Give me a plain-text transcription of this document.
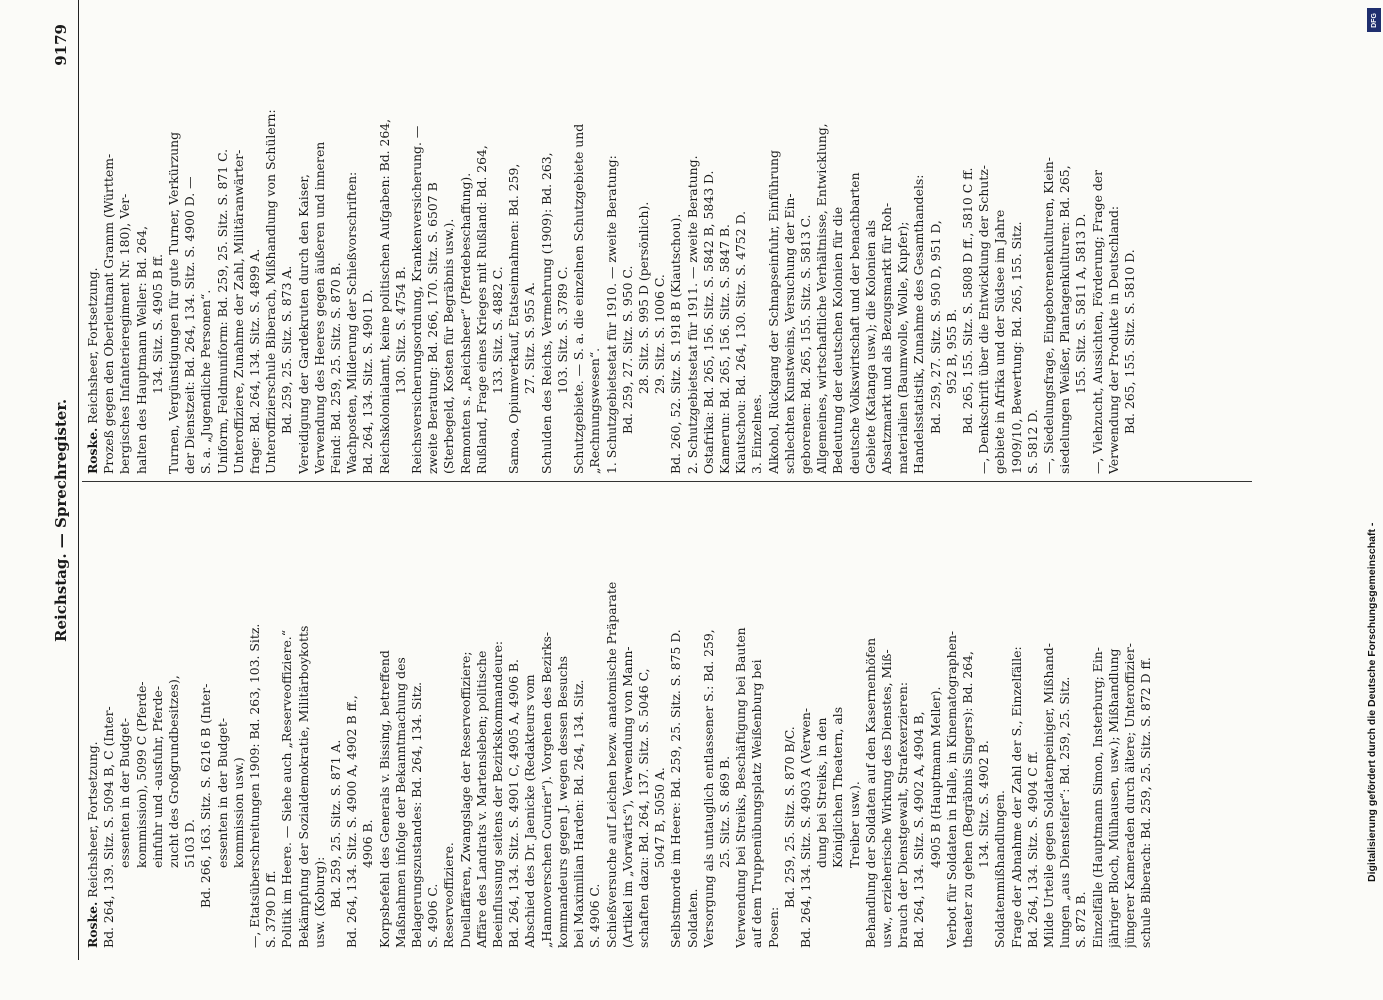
Reichstag. — Sprechregister.
9179
Roske. Reichsheer, Fortsetzung. Bd. 264, 139. Sitz. S. 5094 B, C (Inter- essenten in der Budget- kommission), 5099 C (Pferde- einfuhr und -ausfuhr, Pferde- zucht des Großgrundbesitzes), 5103 D. Bd. 266, 163. Sitz. S. 6216 B (Inter- essenten in der Budget- kommission usw.) —, Etatsüberschreitungen 1909: Bd. 263, 103. Sitz. S. 3790 D ff. Politik im Heere. — Siehe auch „Reserveoffiziere.“ Bekämpfung der Sozialdemokratie, Militärboykotts usw. (Koburg): Bd. 259, 25. Sitz. S. 871 A. Bd. 264, 134. Sitz. S. 4900 A, 4902 B ff., 4906 B. Korpsbefehl des Generals v. Bissing, betreffend Maßnahmen infolge der Bekanntmachung des Belagerungszustandes: Bd. 264, 134. Sitz. S. 4906 C. Reserveoffiziere. Duellaffären, Zwangslage der Reserveoffiziere; Affäre des Landrats v. Martensleben; politische Beeinflussung seitens der Bezirkskommandeure: Bd. 264, 134. Sitz. S. 4901 C, 4905 A, 4906 B. Abschied des Dr. Jaenicke (Redakteurs vom „Hannoverschen Courier“). Vorgehen des Bezirks- kommandeurs gegen J. wegen dessen Besuchs bei Maximilian Harden: Bd. 264, 134. Sitz. S. 4906 C. Schießversuche auf Leichen bezw. anatomische Präparate (Artikel im „Vorwärts“), Verwendung von Mann- schaften dazu: Bd. 264, 137. Sitz. S. 5046 C, 5047 B, 5050 A. Selbstmorde im Heere: Bd. 259, 25. Sitz. S. 875 D. Soldaten. Versorgung als untauglich entlassener S.: Bd. 259, 25. Sitz. S. 869 B. Verwendung bei Streiks, Beschäftigung bei Bauten auf dem Truppenübungsplatz Weißenburg bei Posen:
Bd. 259, 25. Sitz. S. 870 B/C. Bd. 264, 134. Sitz. S. 4903 A (Verwen- dung bei Streiks, in den Königlichen Theatern, als Treiber usw.). Behandlung der Soldaten auf den Kasernenhöfen usw., erzieherische Wirkung des Dienstes, Miß- brauch der Dienstgewalt, Strafexerzieren: Bd. 264, 134. Sitz. S. 4902 A, 4904 B, 4905 B (Hauptmann Meller). Verbot für Soldaten in Halle, in Kinematographen- theater zu gehen (Begräbnis Singers): Bd. 264, 134. Sitz. S. 4902 B. Soldatenmißhandlungen. Frage der Abnahme der Zahl der S., Einzelfälle: Bd. 264, 134. Sitz. S. 4904 C ff. Milde Urteile gegen Soldatenpeiniger, Mißhand- lungen „aus Diensteifer“: Bd. 259, 25. Sitz. S. 872 B. Einzelfälle (Hauptmann Simon, Insterburg; Ein- jähriger Bloch, Mülhausen, usw.); Mißhandlung jüngerer Kameraden durch ältere; Unteroffizier- schule Biberach: Bd. 259, 25. Sitz. S. 872 D ff.
Roske. Reichsheer, Fortsetzung. Prozeß gegen den Oberleutnant Gramm (Württem- bergisches Infanterieregiment Nr. 180), Ver- halten des Hauptmann Weller: Bd. 264, 134. Sitz. S. 4905 B ff. Turnen, Vergünstigungen für gute Turner, Verkürzung der Dienstzeit: Bd. 264, 134. Sitz. S. 4900 D. — S. a. „Jugendliche Personen“. Uniform, Feldmuniform: Bd. 259, 25. Sitz. S. 871 C. Unteroffiziere, Zunahme der Zahl, Militäranwärter- frage: Bd. 264, 134. Sitz. S. 4899 A. Unteroffizierschule Biberach, Mißhandlung von Schülern: Bd. 259, 25. Sitz. S. 873 A. Vereidigung der Gardekruten durch den Kaiser, Verwendung des Heeres gegen äußeren und inneren Feind: Bd. 259, 25. Sitz. S. 870 B. Wachposten, Milderung der Schießvorschriften: Bd. 264, 134. Sitz. S. 4901 D. Reichskolonialamt, keine politischen Aufgaben: Bd. 264, 130. Sitz. S. 4754 B. Reichsversicherungsordnung, Krankenversicherung. — zweite Beratung: Bd. 266, 170. Sitz. S. 6507 B (Sterbegeld, Kosten für Begräbnis usw.). Remonten s. „Reichsheer“ (Pferdebeschaffung). Rußland, Frage eines Krieges mit Rußland: Bd. 264, 133. Sitz. S. 4882 C. Samoa, Opiumverkauf, Etatseinnahmen: Bd. 259, 27. Sitz. S. 955 A. Schulden des Reichs, Vermehrung (1909): Bd. 263, 103. Sitz. S. 3789 C. Schutzgebiete. — S. a. die einzelnen Schutzgebiete und „Rechnungswesen“. 1. Schutzgebietsetat für 1910. — zweite Beratung: Bd. 259, 27. Sitz. S. 950 C. 28. Sitz. S. 995 D (persönlich). 29. Sitz. S. 1006 C. Bd. 260, 52. Sitz. S. 1918 B (Kiautschou). 2. Schutzgebietsetat für 1911. — zweite Beratung. Ostafrika: Bd. 265, 156. Sitz. S. 5842 B, 5843 D. Kamerun: Bd. 265, 156. Sitz. S. 5847 B. Kiautschou: Bd. 264, 130. Sitz. S. 4752 D. 3. Einzelnes. Alkohol, Rückgang der Schnapseinfuhr, Einführung schlechten Kunstweins, Versuchung der Ein- geborenen: Bd. 265, 155. Sitz. S. 5813 C. Allgemeines, wirtschaftliche Verhältnisse, Entwicklung, Bedeutung der deutschen Kolonien für die deutsche Volkswirtschaft und der benachbarten Gebiete (Katanga usw.); die Kolonien als Absatzmarkt und als Bezugsmarkt für Roh- materialien (Baumwolle, Wolle, Kupfer); Handelsstatistik, Zunahme des Gesamthandels: Bd. 259, 27. Sitz. S. 950 D, 951 D, 952 B, 955 B. Bd. 265, 155. Sitz. S. 5808 D ff., 5810 C ff. —, Denkschrift über die Entwicklung der Schutz- gebiete in Afrika und der Südsee im Jahre 1909/10, Bewertung: Bd. 265, 155. Sitz. S. 5812 D. —, Siedelungsfrage, Eingeborenenkulturen, Klein- siedelungen Weißer, Plantagenkulturen: Bd. 265, 155. Sitz. S. 5811 A, 5813 D. —, Viehzucht, Aussichten, Förderung; Frage der Verwendung der Produkte in Deutschland: Bd. 265, 155. Sitz. S. 5810 D.
DFG
Digitalisierung gefördert durch die Deutsche Forschungsgemeinschaft -
